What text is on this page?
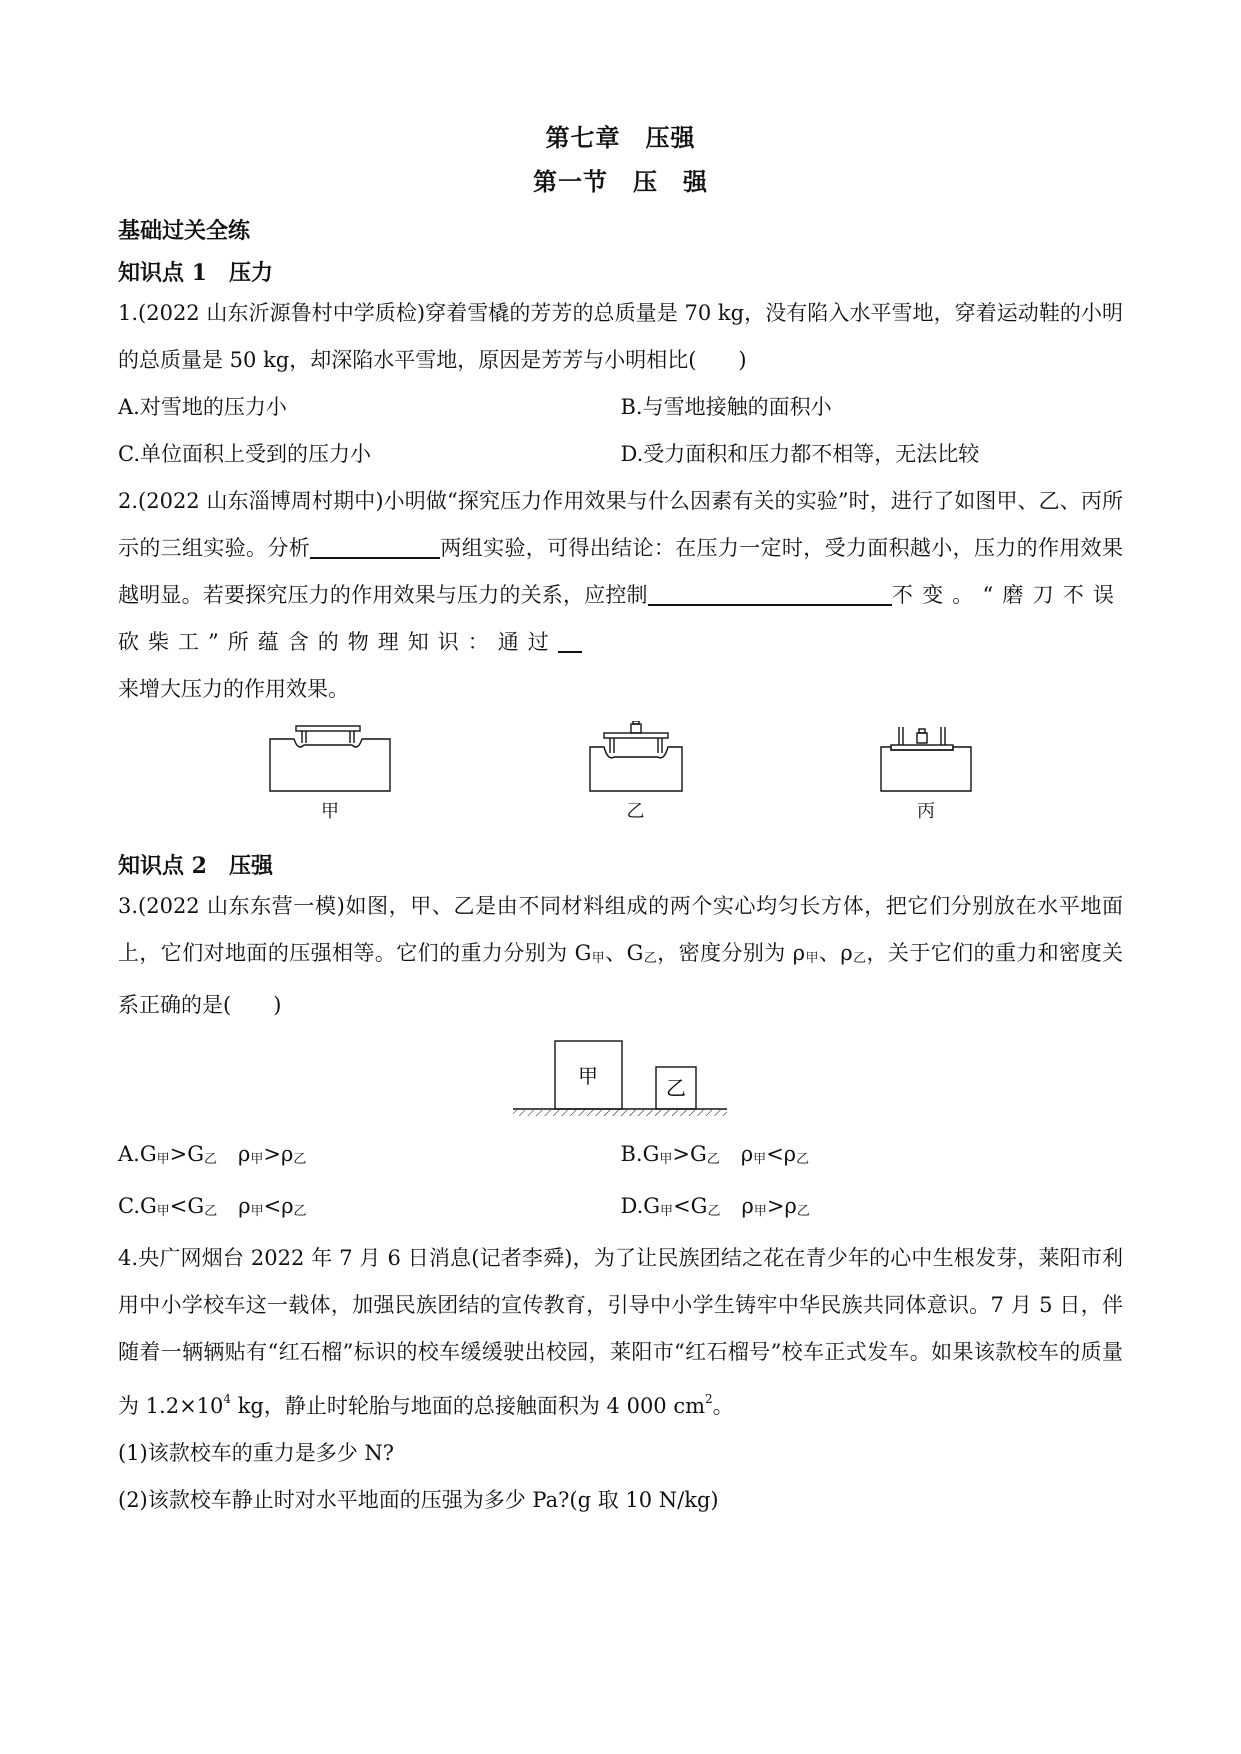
第七章　压强
第一节　压　强
基础过关全练
知识点 1　压力

1.(2022 山东沂源鲁村中学质检)穿着雪橇的芳芳的总质量是 70 kg，没有陷入水平雪地，穿着运动鞋的小明的总质量是 50 kg，却深陷水平雪地，原因是芳芳与小明相比(　　)

A.对雪地的压力小	B.与雪地接触的面积小
C.单位面积上受到的压力小	D.受力面积和压力都不相等，无法比较

2.(2022 山东淄博周村期中)小明做“探究压力作用效果与什么因素有关的实验”时，进行了如图甲、乙、丙所示的三组实验。分析	两组实验，可得出结论：在压力一定时，受力面积越小，压力的作用效果越明显。若要探究压力的作用效果与压力的关系，应控制	不变。“磨刀不误砍柴工”所蕴含的物理知识：通过
来增大压力的作用效果。

甲	乙	丙
知识点 2　压强

3.(2022 山东东营一模)如图，甲、乙是由不同材料组成的两个实心均匀长方体，把它们分别放在水平地面上，它们对地面的压强相等。它们的重力分别为 G甲、G乙，密度分别为 ρ甲、ρ乙，关于它们的重力和密度关系正确的是(　　)

甲	乙
A.G甲>G乙　 ρ甲>ρ乙	B.G甲>G乙　 ρ甲<ρ乙
C.G甲<G乙　 ρ甲<ρ乙	D.G甲<G乙　 ρ甲>ρ乙

4.央广网烟台 2022 年 7 月 6 日消息(记者李舜)，为了让民族团结之花在青少年的心中生根发芽，莱阳市利用中小学校车这一载体，加强民族团结的宣传教育，引导中小学生铸牢中华民族共同体意识。7 月 5 日，伴随着一辆辆贴有“红石榴”标识的校车缓缓驶出校园，莱阳市“红石榴号”校车正式发车。如果该款校车的质量为 $1.2\times 10^4$ kg，静止时轮胎与地面的总接触面积为 4 000 $cm^2$。

(1)该款校车的重力是多少 N?

(2)该款校车静止时对水平地面的压强为多少 Pa?(g 取 10 N/kg)
